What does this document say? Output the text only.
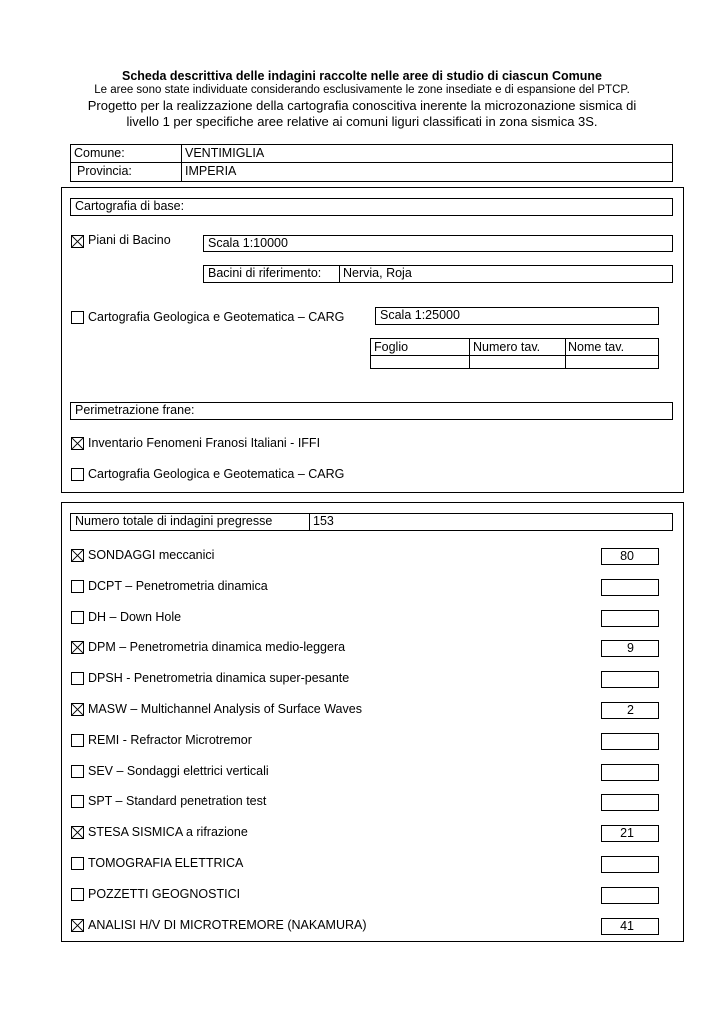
Scheda descrittiva delle indagini raccolte nelle aree di studio di ciascun Comune
Le aree sono state individuate considerando esclusivamente le zone insediate e di espansione del PTCP.
Progetto per la realizzazione della cartografia conoscitiva inerente la microzonazione sismica di
livello 1 per specifiche aree relative ai comuni liguri classificati in zona sismica 3S.
Comune:	VENTIMIGLIA
Provincia:	IMPERIA
Cartografia di base:
Piani di Bacino	Scala 1:10000
Bacini di riferimento: Nervia, Roja
Cartografia Geologica e Geotematica – CARG	Scala 1:25000
Foglio	Numero tav. Nome tav.
Perimetrazione frane:
Inventario Fenomeni Franosi Italiani - IFFI
Cartografia Geologica e Geotematica – CARG
Numero totale di indagini pregresse	153
SONDAGGI meccanici	80
DCPT – Penetrometria dinamica
DH – Down Hole
DPM – Penetrometria dinamica medio-leggera	9
DPSH - Penetrometria dinamica super-pesante
MASW – Multichannel Analysis of Surface Waves	2
REMI - Refractor Microtremor
SEV – Sondaggi elettrici verticali
SPT – Standard penetration test
STESA SISMICA a rifrazione	21
TOMOGRAFIA ELETTRICA
POZZETTI GEOGNOSTICI
ANALISI H/V DI MICROTREMORE (NAKAMURA)	41
